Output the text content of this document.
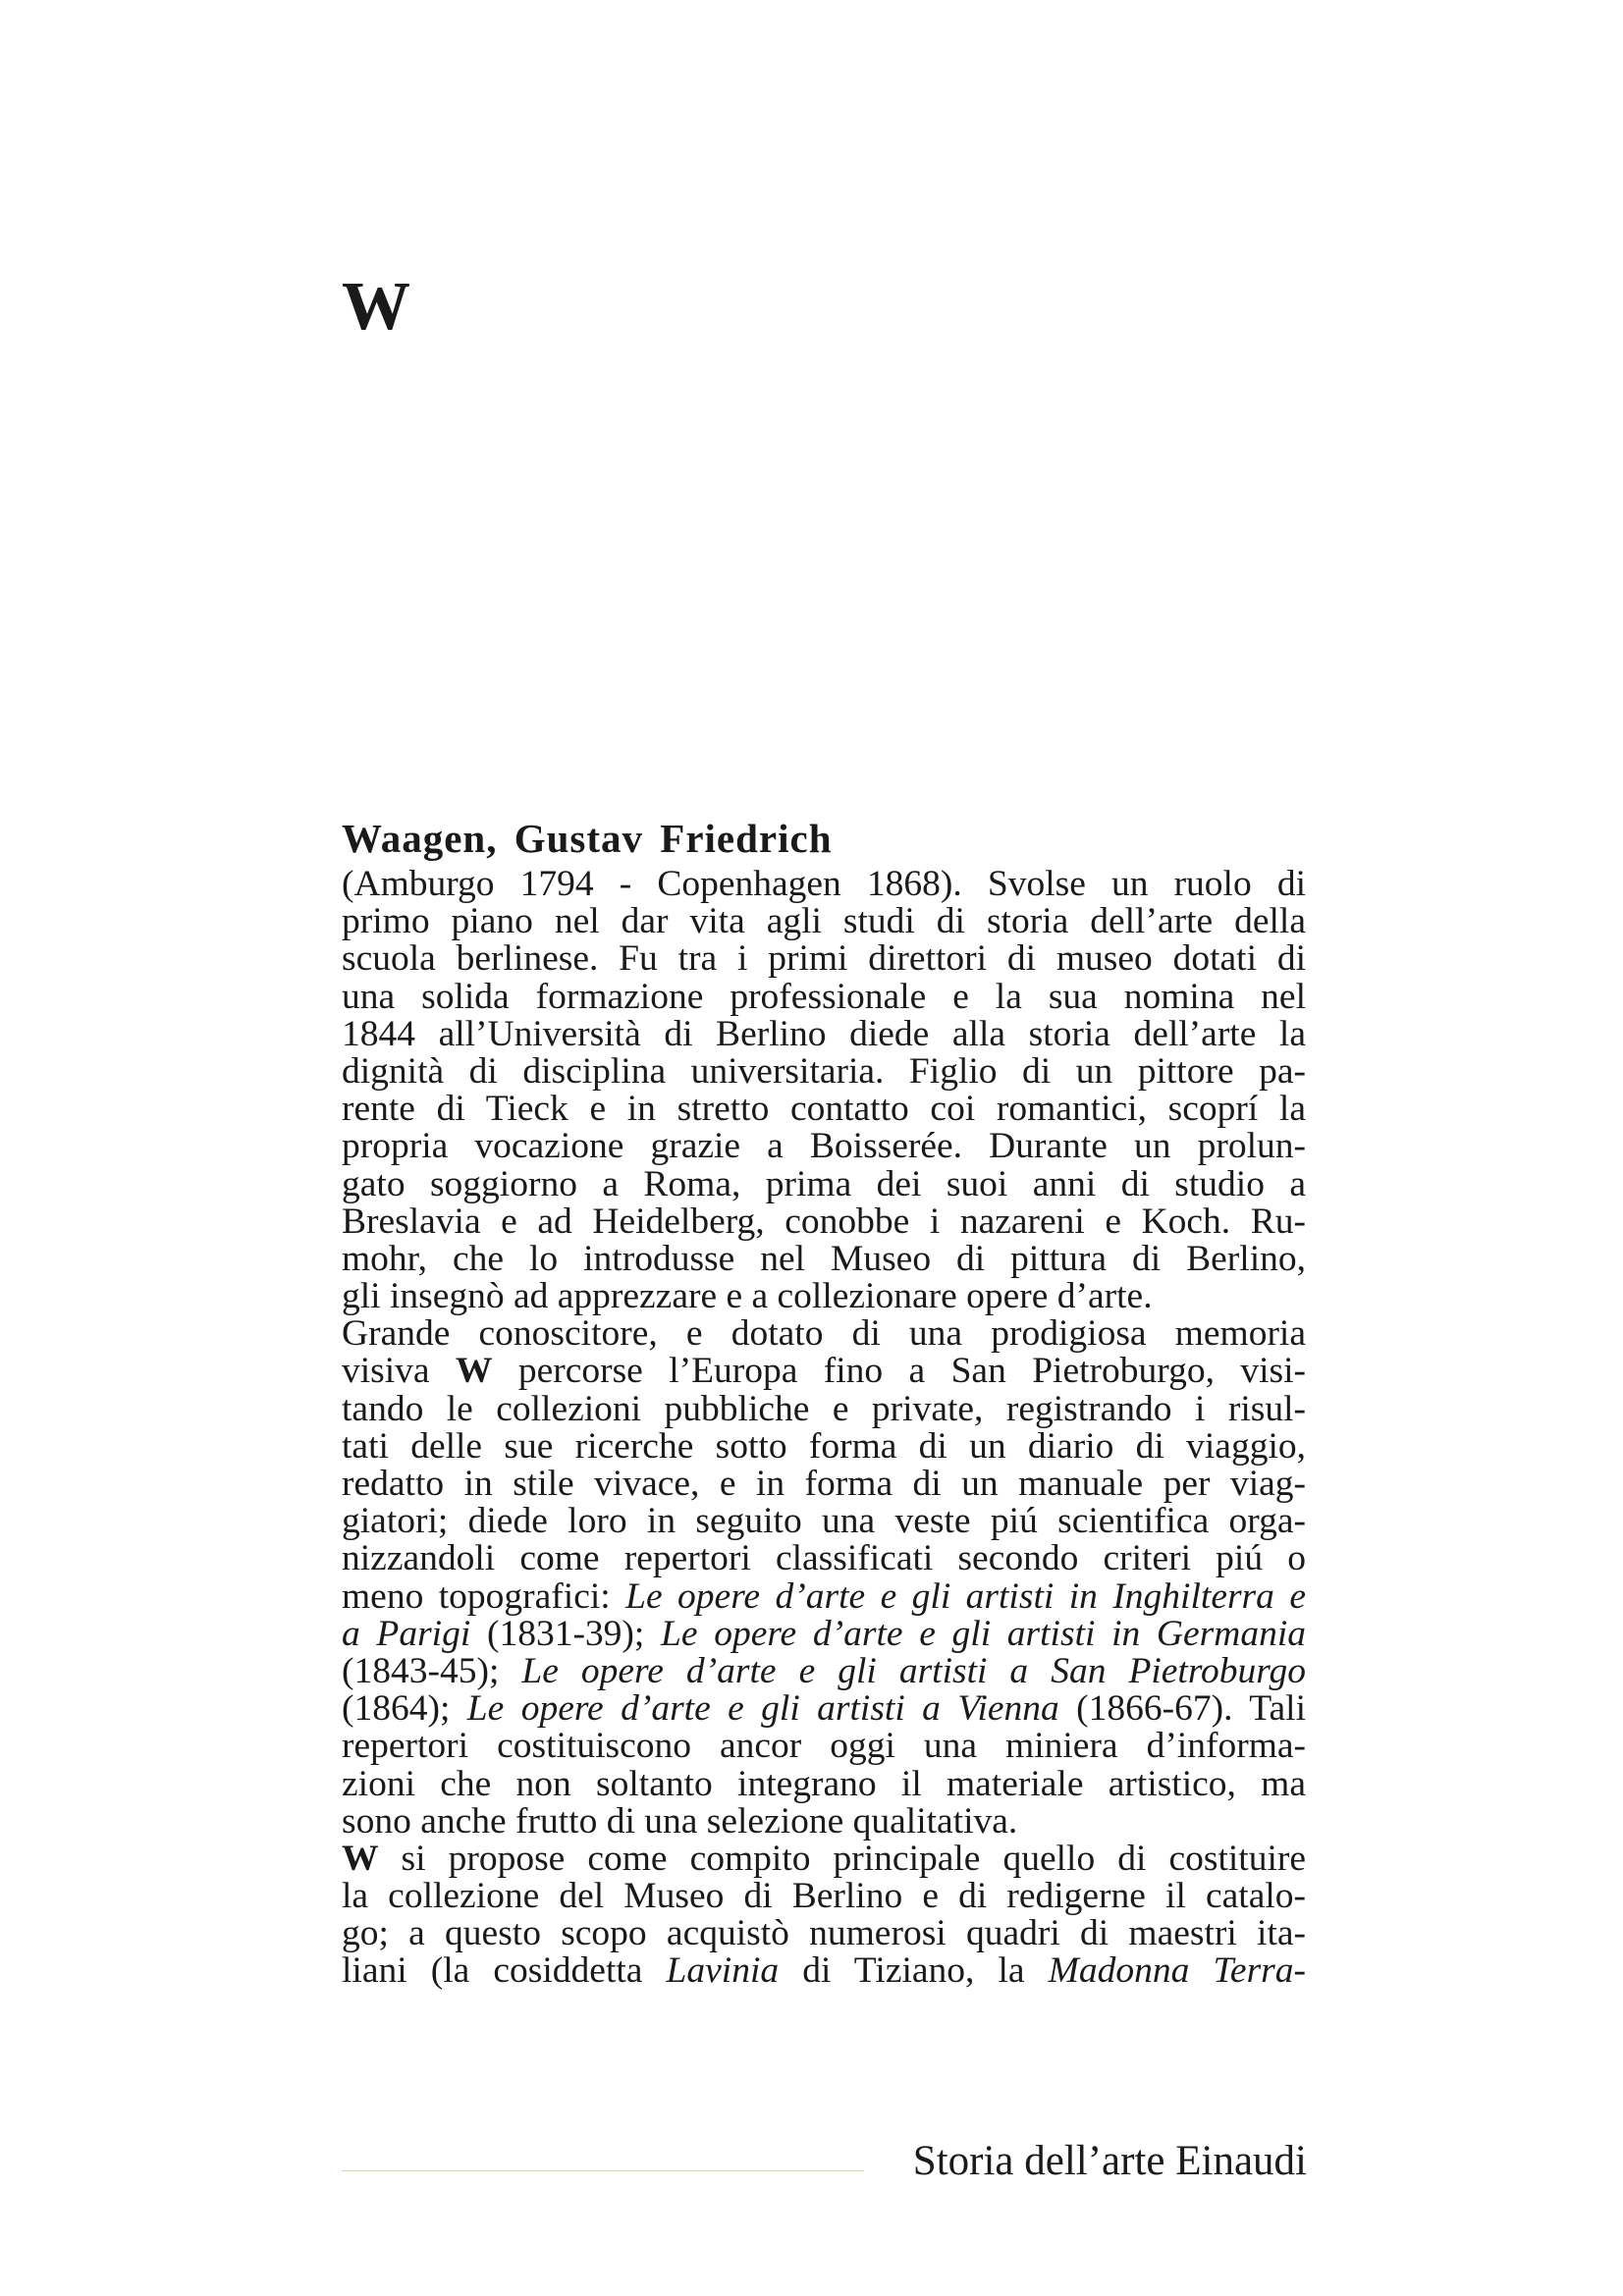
W
Waagen, Gustav Friedrich
(Amburgo 1794 - Copenhagen 1868). Svolse un ruolo di
primo piano nel dar vita agli studi di storia dell’arte della
scuola berlinese. Fu tra i primi direttori di museo dotati di
una solida formazione professionale e la sua nomina nel
1844 all’Università di Berlino diede alla storia dell’arte la
dignità di disciplina universitaria. Figlio di un pittore pa-
rente di Tieck e in stretto contatto coi romantici, scoprí la
propria vocazione grazie a Boisserée. Durante un prolun-
gato soggiorno a Roma, prima dei suoi anni di studio a
Breslavia e ad Heidelberg, conobbe i nazareni e Koch. Ru-
mohr, che lo introdusse nel Museo di pittura di Berlino,
gli insegnò ad apprezzare e a collezionare opere d’arte.
Grande conoscitore, e dotato di una prodigiosa memoria
visiva W percorse l’Europa fino a San Pietroburgo, visi-
tando le collezioni pubbliche e private, registrando i risul-
tati delle sue ricerche sotto forma di un diario di viaggio,
redatto in stile vivace, e in forma di un manuale per viag-
giatori; diede loro in seguito una veste piú scientifica orga-
nizzandoli come repertori classificati secondo criteri piú o
meno topografici: Le opere d’arte e gli artisti in Inghilterra e
a Parigi (1831-39); Le opere d’arte e gli artisti in Germania
(1843-45); Le opere d’arte e gli artisti a San Pietroburgo
(1864); Le opere d’arte e gli artisti a Vienna (1866-67). Tali
repertori costituiscono ancor oggi una miniera d’informa-
zioni che non soltanto integrano il materiale artistico, ma
sono anche frutto di una selezione qualitativa.
W si propose come compito principale quello di costituire
la collezione del Museo di Berlino e di redigerne il catalo-
go; a questo scopo acquistò numerosi quadri di maestri ita-
liani (la cosiddetta Lavinia di Tiziano, la Madonna Terra-
Storia dell’arte Einaudi
